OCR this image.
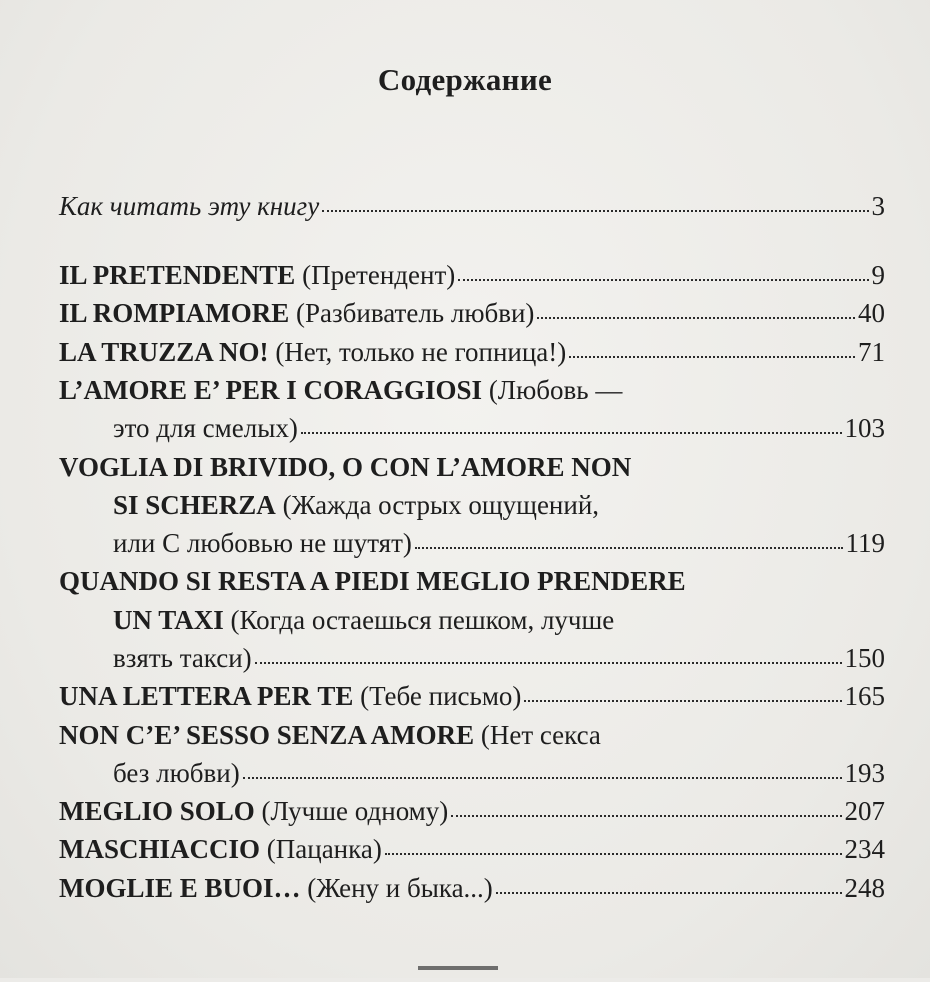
Содержание
Как читать эту книгу	3
IL PRETENDENTE (Претендент)	9
IL ROMPIAMORE (Разбиватель любви)	40
LA TRUZZA NO! (Нет, только не гопница!)	71
L’AMORE E’ PER I CORAGGIOSI (Любовь —
это для смелых)	103
VOGLIA DI BRIVIDO, O CON L’AMORE NON
SI SCHERZA (Жажда острых ощущений,
или С любовью не шутят)	119
QUANDO SI RESTA A PIEDI MEGLIO PRENDERE
UN TAXI (Когда остаешься пешком, лучше
взять такси)	150
UNA LETTERA PER TE (Тебе письмо)	165
NON C’E’ SESSO SENZA AMORE (Нет секса
без любви)	193
MEGLIO SOLO (Лучше одному)	207
MASCHIACCIO (Пацанка)	234
MOGLIE E BUOI… (Жену и быка...)	248
